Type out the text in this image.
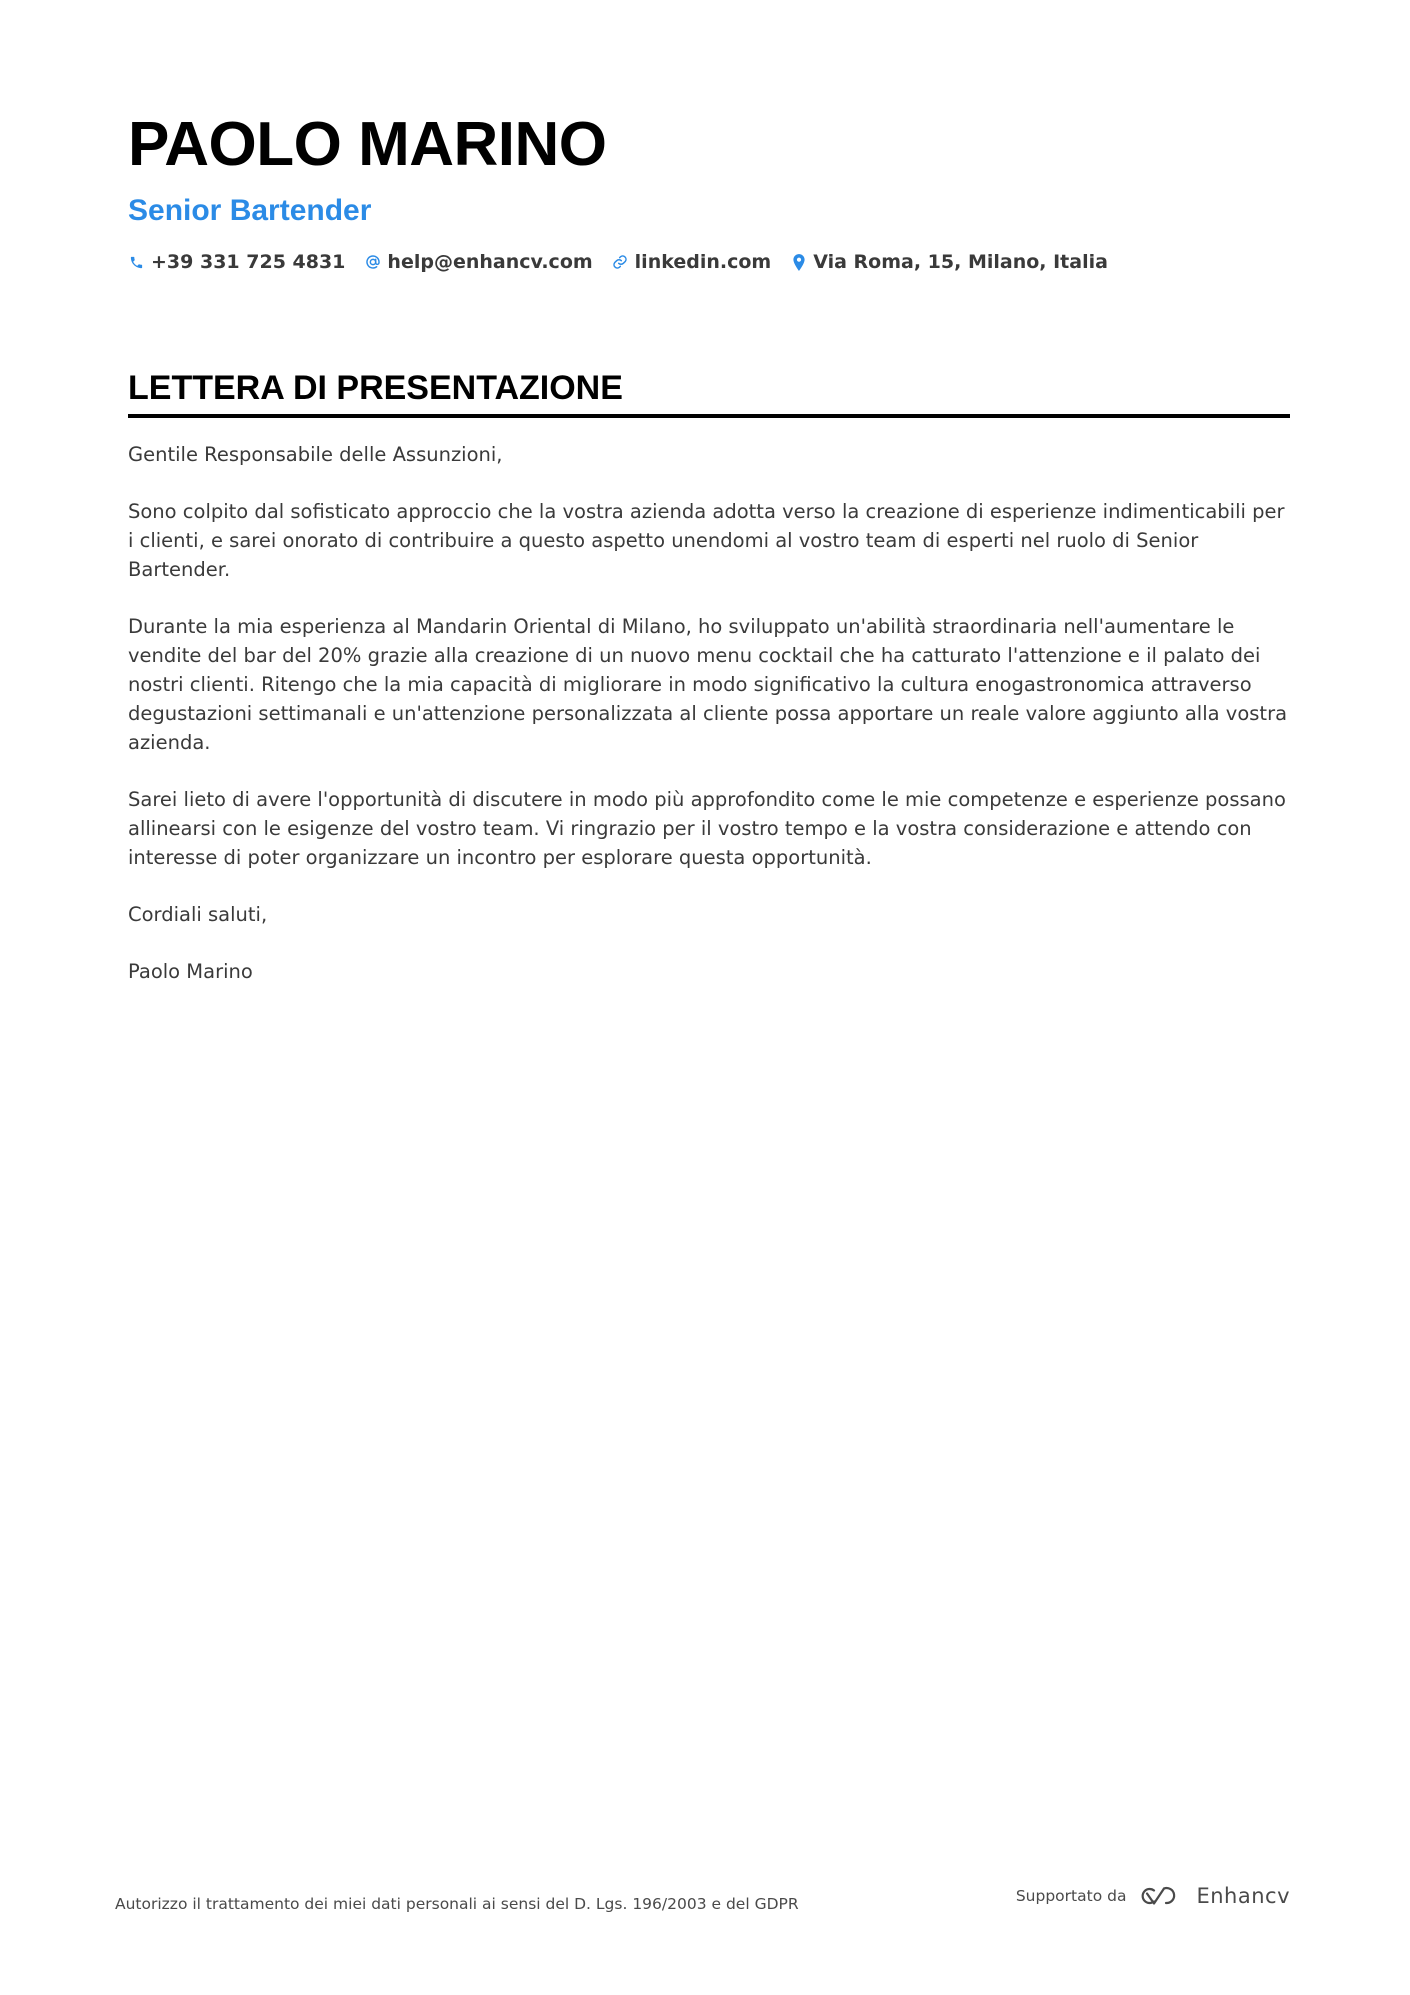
PAOLO MARINO
Senior Bartender
+39 331 725 4831 help@enhancv.com linkedin.com Via Roma, 15, Milano, Italia
LETTERA DI PRESENTAZIONE

Gentile Responsabile delle Assunzioni,

Sono colpito dal sofisticato approccio che la vostra azienda adotta verso la creazione di esperienze indimenticabili per i clienti, e sarei onorato di contribuire a questo aspetto unendomi al vostro team di esperti nel ruolo di Senior Bartender.

Durante la mia esperienza al Mandarin Oriental di Milano, ho sviluppato un'abilità straordinaria nell'aumentare le vendite del bar del 20% grazie alla creazione di un nuovo menu cocktail che ha catturato l'attenzione e il palato dei nostri clienti. Ritengo che la mia capacità di migliorare in modo significativo la cultura enogastronomica attraverso degustazioni settimanali e un'attenzione personalizzata al cliente possa apportare un reale valore aggiunto alla vostra azienda.

Sarei lieto di avere l'opportunità di discutere in modo più approfondito come le mie competenze e esperienze possano allinearsi con le esigenze del vostro team. Vi ringrazio per il vostro tempo e la vostra considerazione e attendo con interesse di poter organizzare un incontro per esplorare questa opportunità.

Cordiali saluti,

Paolo Marino

Autorizzo il trattamento dei miei dati personali ai sensi del D. Lgs. 196/2003 e del GDPR	Supportato da	Enhancv
